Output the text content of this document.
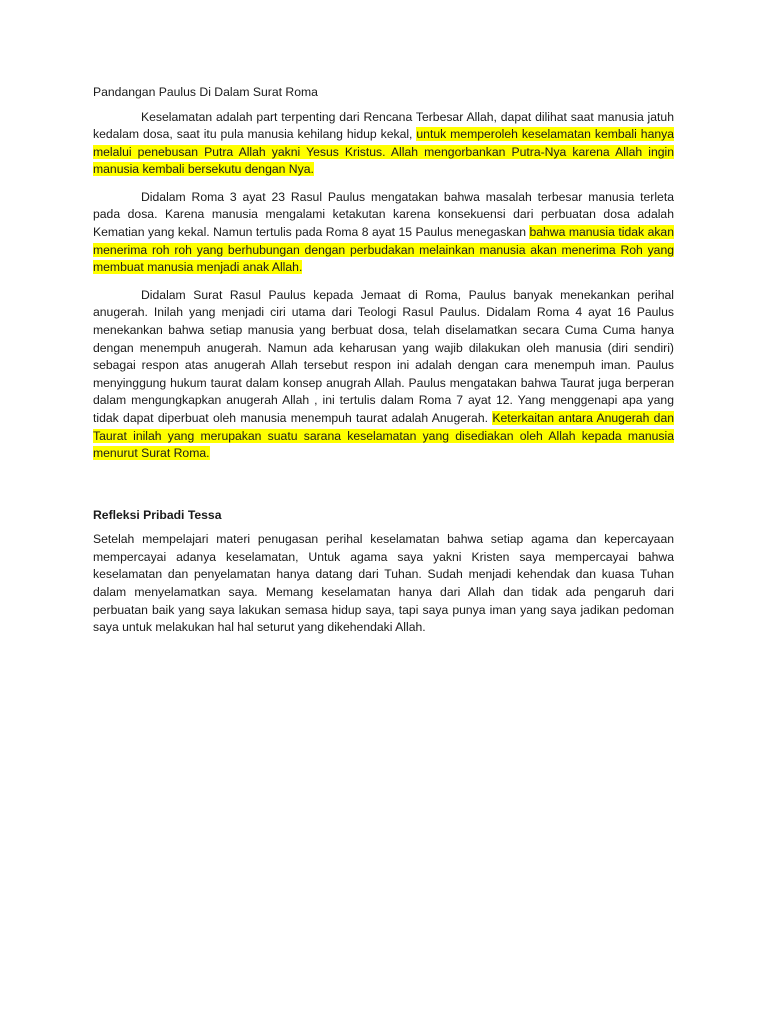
Pandangan Paulus Di Dalam Surat Roma

Keselamatan adalah part terpenting dari Rencana Terbesar Allah, dapat dilihat saat manusia jatuh kedalam dosa, saat itu pula manusia kehilang hidup kekal, untuk memperoleh keselamatan kembali hanya melalui penebusan Putra Allah yakni Yesus Kristus. Allah mengorbankan Putra-Nya karena Allah ingin manusia kembali bersekutu dengan Nya.

Didalam Roma 3 ayat 23 Rasul Paulus mengatakan bahwa masalah terbesar manusia terleta pada dosa. Karena manusia mengalami ketakutan karena konsekuensi dari perbuatan dosa adalah Kematian yang kekal. Namun tertulis pada Roma 8 ayat 15 Paulus menegaskan bahwa manusia tidak akan menerima roh roh yang berhubungan dengan perbudakan melainkan manusia akan menerima Roh yang membuat manusia menjadi anak Allah.

Didalam Surat Rasul Paulus kepada Jemaat di Roma, Paulus banyak menekankan perihal anugerah. Inilah yang menjadi ciri utama dari Teologi Rasul Paulus. Didalam Roma 4 ayat 16 Paulus menekankan bahwa setiap manusia yang berbuat dosa, telah diselamatkan secara Cuma Cuma hanya dengan menempuh anugerah. Namun ada keharusan yang wajib dilakukan oleh manusia (diri sendiri) sebagai respon atas anugerah Allah tersebut respon ini adalah dengan cara menempuh iman. Paulus menyinggung hukum taurat dalam konsep anugrah Allah. Paulus mengatakan bahwa Taurat juga berperan dalam mengungkapkan anugerah Allah , ini tertulis dalam Roma 7 ayat 12. Yang menggenapi apa yang tidak dapat diperbuat oleh manusia menempuh taurat adalah Anugerah. Keterkaitan antara Anugerah dan Taurat inilah yang merupakan suatu sarana keselamatan yang disediakan oleh Allah kepada manusia menurut Surat Roma.

Refleksi Pribadi Tessa

Setelah mempelajari materi penugasan perihal keselamatan bahwa setiap agama dan kepercayaan mempercayai adanya keselamatan, Untuk agama saya yakni Kristen saya mempercayai bahwa keselamatan dan penyelamatan hanya datang dari Tuhan. Sudah menjadi kehendak dan kuasa Tuhan dalam menyelamatkan saya. Memang keselamatan hanya dari Allah dan tidak ada pengaruh dari perbuatan baik yang saya lakukan semasa hidup saya, tapi saya punya iman yang saya jadikan pedoman saya untuk melakukan hal hal seturut yang dikehendaki Allah.
